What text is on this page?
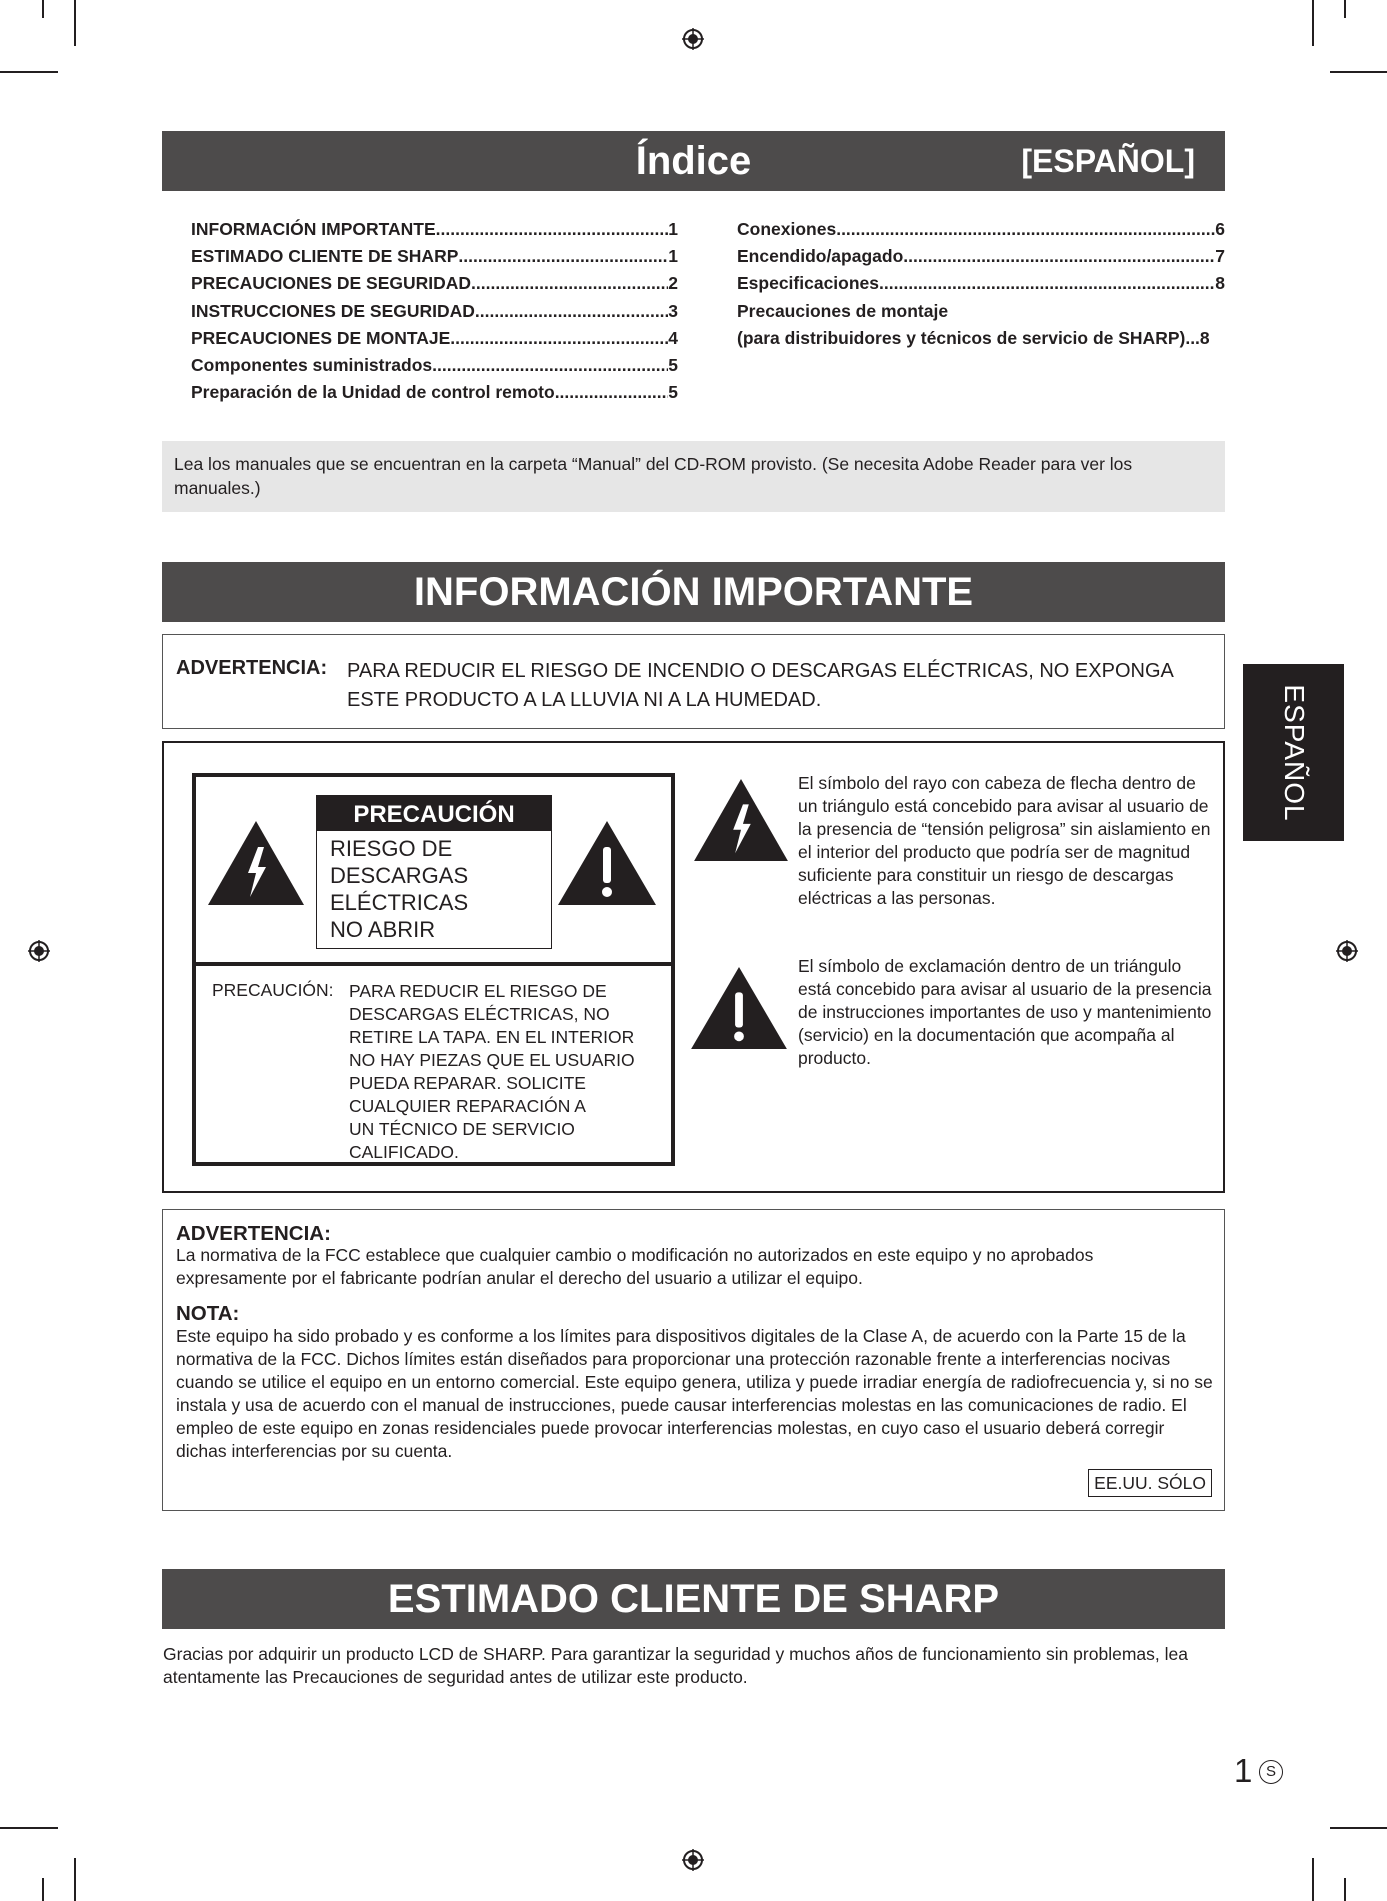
Índice	[ESPAÑOL]
INFORMACIÓN IMPORTANTE .....	1
ESTIMADO CLIENTE DE SHARP .....	1
PRECAUCIONES DE SEGURIDAD .....	2
INSTRUCCIONES DE SEGURIDAD .....	3
PRECAUCIONES DE MONTAJE .....	4
Componentes suministrados .....	5
Preparación de la Unidad de control remoto .....	5
Conexiones .....	6
Encendido/apagado .....	7
Especificaciones .....	8
Precauciones de montaje
(para distribuidores y técnicos de servicio de SHARP) ...8

Lea los manuales que se encuentran en la carpeta “Manual” del CD-ROM provisto. (Se necesita Adobe Reader para ver los manuales.)

INFORMACIÓN IMPORTANTE
ADVERTENCIA: PARA REDUCIR EL RIESGO DE INCENDIO O DESCARGAS ELÉCTRICAS, NO EXPONGA ESTE PRODUCTO A LA LLUVIA NI A LA HUMEDAD.
PRECAUCIÓN
RIESGO DE
DESCARGAS
ELÉCTRICAS
NO ABRIR
PRECAUCIÓN: PARA REDUCIR EL RIESGO DE
DESCARGAS ELÉCTRICAS, NO
RETIRE LA TAPA. EN EL INTERIOR
NO HAY PIEZAS QUE EL USUARIO
PUEDA REPARAR. SOLICITE
CUALQUIER REPARACIÓN A
UN TÉCNICO DE SERVICIO
CALIFICADO.
El símbolo del rayo con cabeza de flecha dentro de un triángulo está concebido para avisar al usuario de la presencia de “tensión peligrosa” sin aislamiento en el interior del producto que podría ser de magnitud suficiente para constituir un riesgo de descargas eléctricas a las personas.
El símbolo de exclamación dentro de un triángulo está concebido para avisar al usuario de la presencia de instrucciones importantes de uso y mantenimiento (servicio) en la documentación que acompaña al producto.
ADVERTENCIA:
La normativa de la FCC establece que cualquier cambio o modificación no autorizados en este equipo y no aprobados expresamente por el fabricante podrían anular el derecho del usuario a utilizar el equipo.
NOTA:
Este equipo ha sido probado y es conforme a los límites para dispositivos digitales de la Clase A, de acuerdo con la Parte 15 de la normativa de la FCC. Dichos límites están diseñados para proporcionar una protección razonable frente a interferencias nocivas cuando se utilice el equipo en un entorno comercial. Este equipo genera, utiliza y puede irradiar energía de radiofrecuencia y, si no se instala y usa de acuerdo con el manual de instrucciones, puede causar interferencias molestas en las comunicaciones de radio. El empleo de este equipo en zonas residenciales puede provocar interferencias molestas, en cuyo caso el usuario deberá corregir dichas interferencias por su cuenta.
EE.UU. SÓLO
ESTIMADO CLIENTE DE SHARP
Gracias por adquirir un producto LCD de SHARP. Para garantizar la seguridad y muchos años de funcionamiento sin problemas, lea atentamente las Precauciones de seguridad antes de utilizar este producto.
ESPAÑOL
1 S
